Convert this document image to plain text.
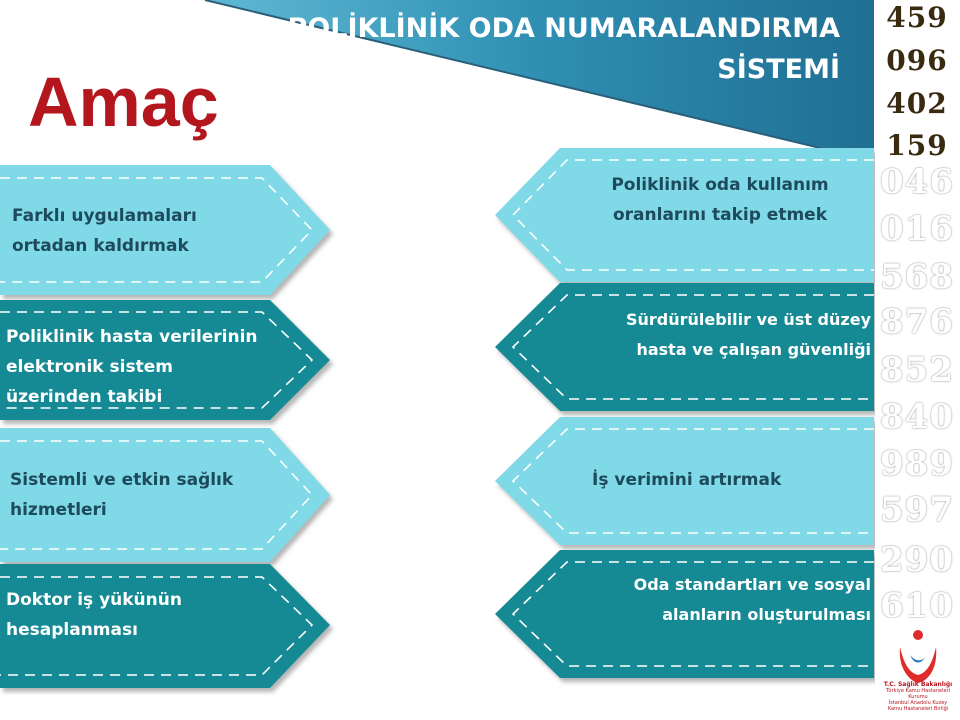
POLİKLİNİK ODA NUMARALANDIRMA
SİSTEMİ
Amaç
459
096
402
159
046
016
568
876
852
840
989
597
290
610
Farklı uygulamaları
ortadan kaldırmak
Poliklinik hasta verilerinin
elektronik sistem
üzerinden takibi
Sistemli ve etkin sağlık
hizmetleri
Doktor iş yükünün
hesaplanması
Poliklinik oda kullanım
oranlarını takip etmek
Sürdürülebilir ve üst düzey
hasta ve çalışan güvenliği
İş verimini artırmak
Oda standartları ve sosyal
alanların oluşturulması
T.C. Sağlık Bakanlığı
Türkiye Kamu Hastaneleri Kurumu
İstanbul Anadolu Kuzey
Kamu Hastaneleri Birliği
